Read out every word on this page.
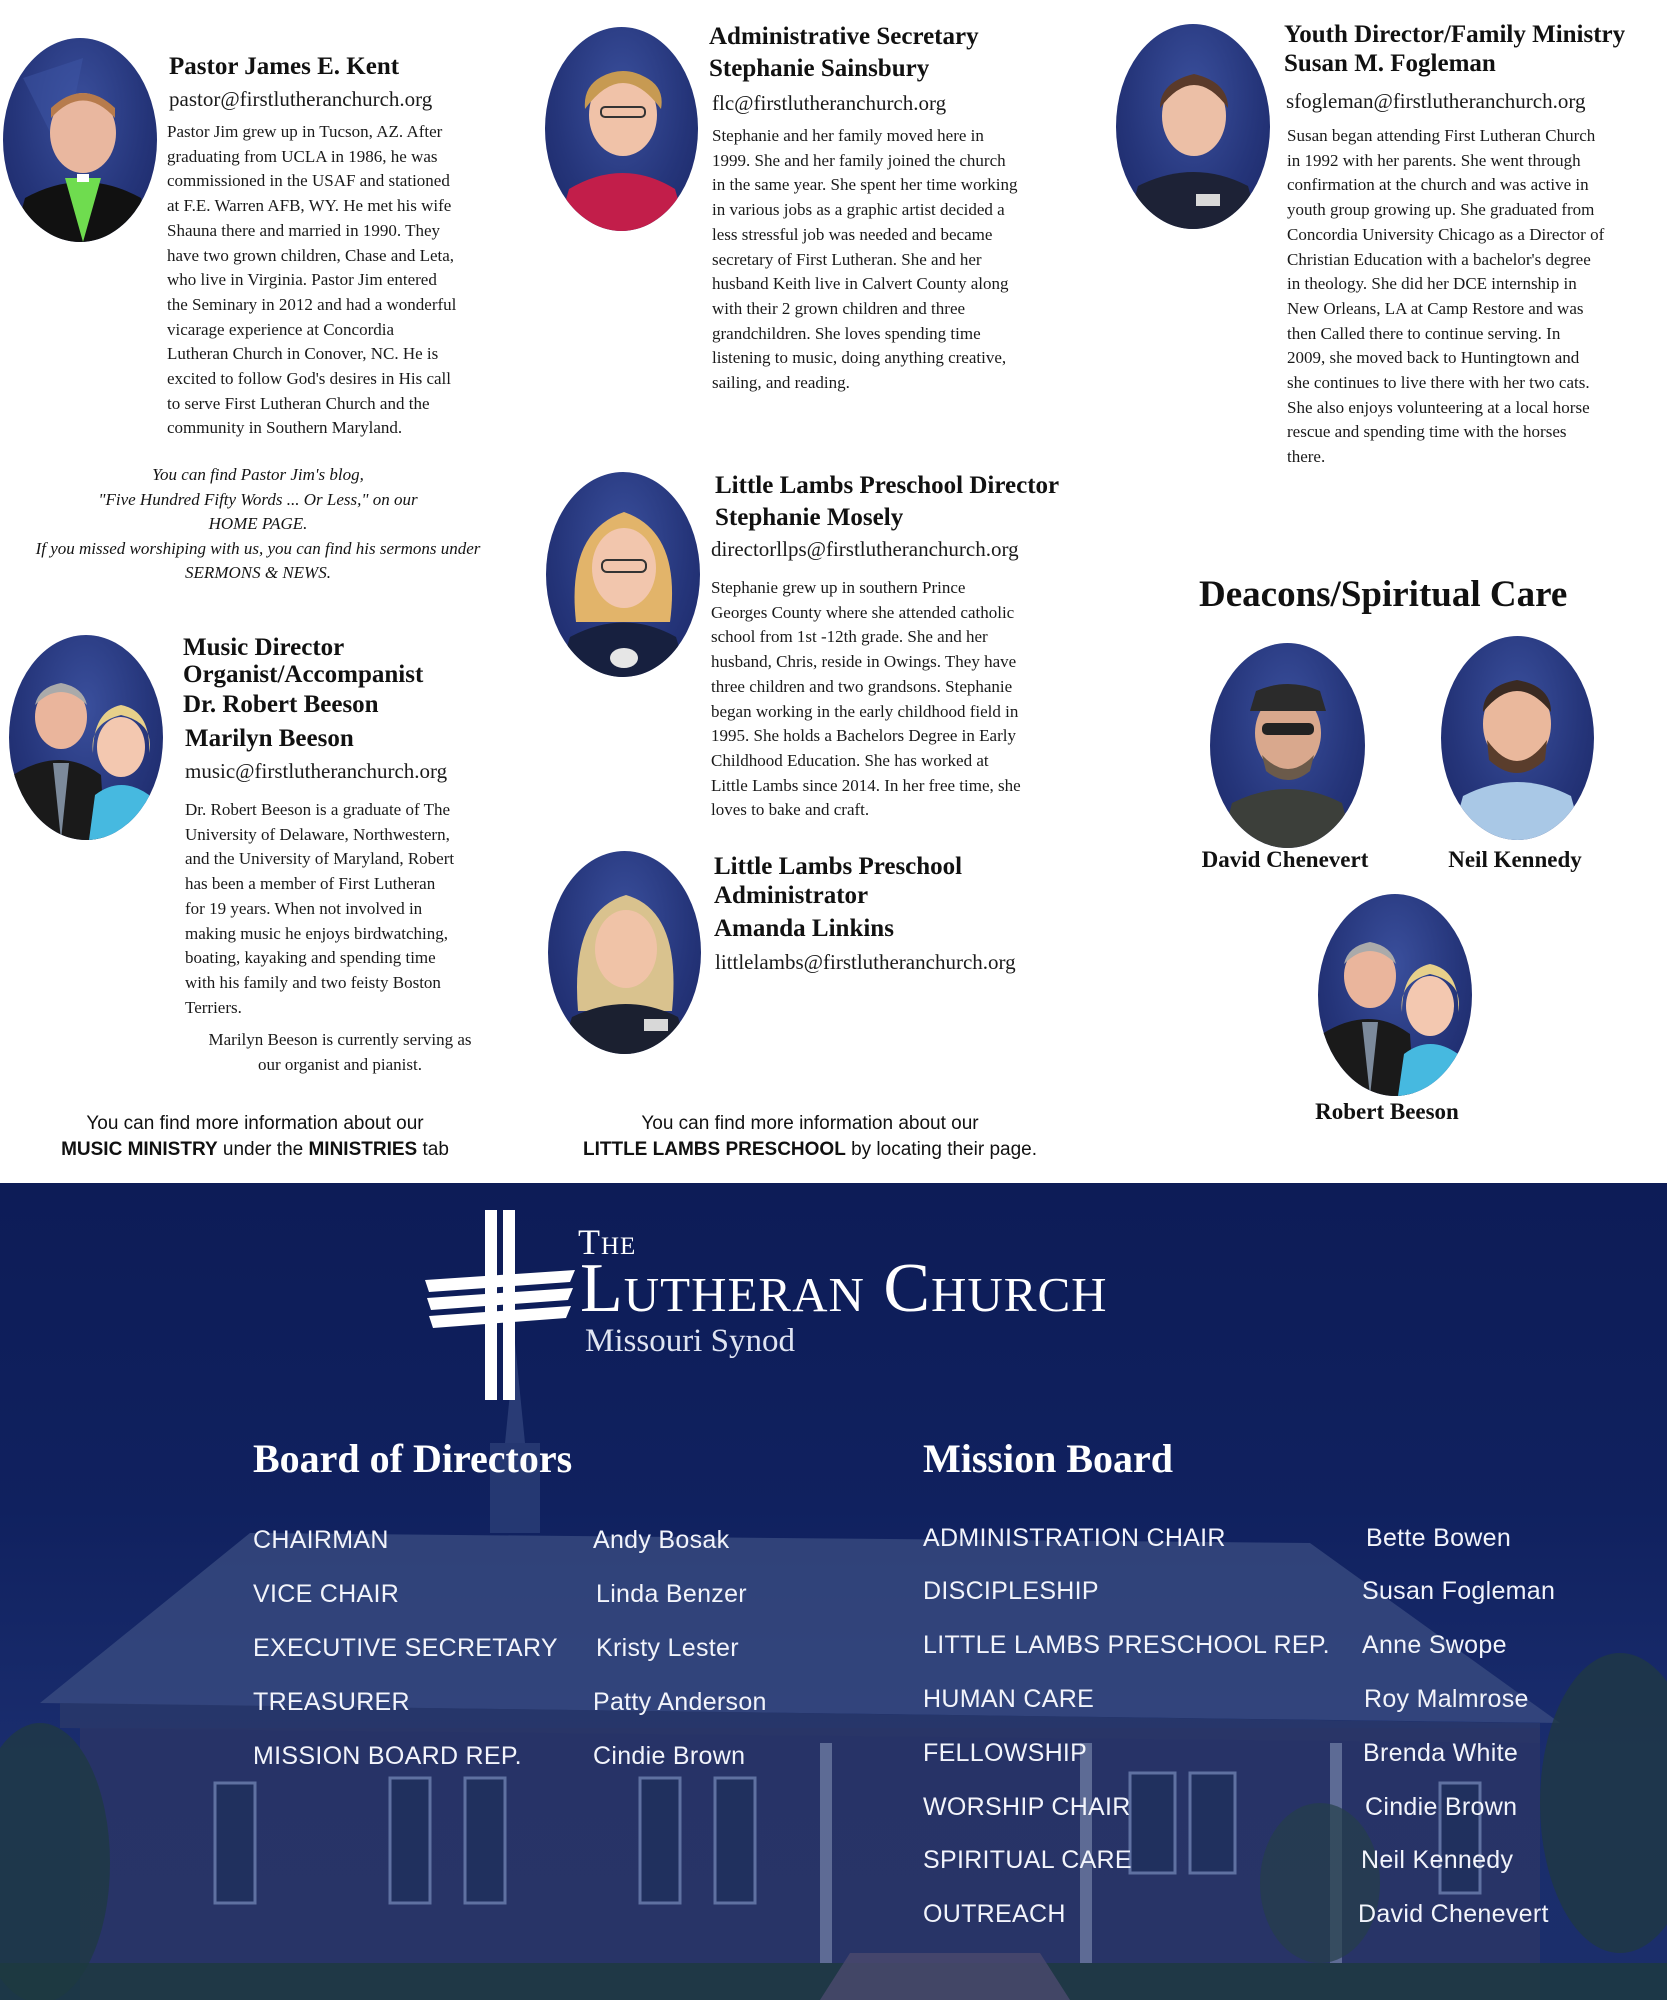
Pastor James E. Kent
pastor@firstlutheranchurch.org
Pastor Jim grew up in Tucson, AZ. After
graduating from UCLA in 1986, he was
commissioned in the USAF and stationed
at F.E. Warren AFB, WY. He met his wife
Shauna there and married in 1990. They
have two grown children, Chase and Leta,
who live in Virginia. Pastor Jim entered
the Seminary in 2012 and had a wonderful
vicarage experience at Concordia
Lutheran Church in Conover, NC. He is
excited to follow God's desires in His call
to serve First Lutheran Church and the
community in Southern Maryland.
You can find Pastor Jim's blog,
"Five Hundred Fifty Words ... Or Less," on our
HOME PAGE.
If you missed worshiping with us, you can find his sermons under
SERMONS & NEWS.
Administrative Secretary
Stephanie Sainsbury
flc@firstlutheranchurch.org
Stephanie and her family moved here in
1999. She and her family joined the church
in the same year. She spent her time working
in various jobs as a graphic artist decided a
less stressful job was needed and became
secretary of First Lutheran. She and her
husband Keith live in Calvert County along
with their 2 grown children and three
grandchildren. She loves spending time
listening to music, doing anything creative,
sailing, and reading.
Youth Director/Family Ministry
Susan M. Fogleman
sfogleman@firstlutheranchurch.org
Susan began attending First Lutheran Church
in 1992 with her parents. She went through
confirmation at the church and was active in
youth group growing up. She graduated from
Concordia University Chicago as a Director of
Christian Education with a bachelor's degree
in theology. She did her DCE internship in
New Orleans, LA at Camp Restore and was
then Called there to continue serving. In
2009, she moved back to Huntingtown and
she continues to live there with her two cats.
She also enjoys volunteering at a local horse
rescue and spending time with the horses
there.
Little Lambs Preschool Director
Stephanie Mosely
directorllps@firstlutheranchurch.org
Stephanie grew up in southern Prince
Georges County where she attended catholic
school from 1st -12th grade. She and her
husband, Chris, reside in Owings. They have
three children and two grandsons. Stephanie
began working in the early childhood field in
1995. She holds a Bachelors Degree in Early
Childhood Education. She has worked at
Little Lambs since 2014. In her free time, she
loves to bake and craft.
Little Lambs Preschool
Administrator
Amanda Linkins
littlelambs@firstlutheranchurch.org
Music Director
Organist/Accompanist
Dr. Robert Beeson
Marilyn Beeson
music@firstlutheranchurch.org
Dr. Robert Beeson is a graduate of The
University of Delaware, Northwestern,
and the University of Maryland, Robert
has been a member of First Lutheran
for 19 years. When not involved in
making music he enjoys birdwatching,
boating, kayaking and spending time
with his family and two feisty Boston
Terriers.
Marilyn Beeson is currently serving as
our organist and pianist.
You can find more information about our
MUSIC MINISTRY under the MINISTRIES tab
You can find more information about our
LITTLE LAMBS PRESCHOOL by locating their page.
Deacons/Spiritual Care
David Chenevert	Neil Kennedy
Robert Beeson
The
Lutheran Church
Missouri Synod
Board of Directors
CHAIRMAN
VICE CHAIR
EXECUTIVE SECRETARY
TREASURER
MISSION BOARD REP.
Andy Bosak
Linda Benzer
Kristy Lester
Patty Anderson
Cindie Brown
Mission Board
ADMINISTRATION CHAIR
DISCIPLESHIP
LITTLE LAMBS PRESCHOOL REP.
HUMAN CARE
FELLOWSHIP
WORSHIP CHAIR
SPIRITUAL CARE
OUTREACH
Bette Bowen
Susan Fogleman
Anne Swope
Roy Malmrose
Brenda White
Cindie Brown
Neil Kennedy
David Chenevert
